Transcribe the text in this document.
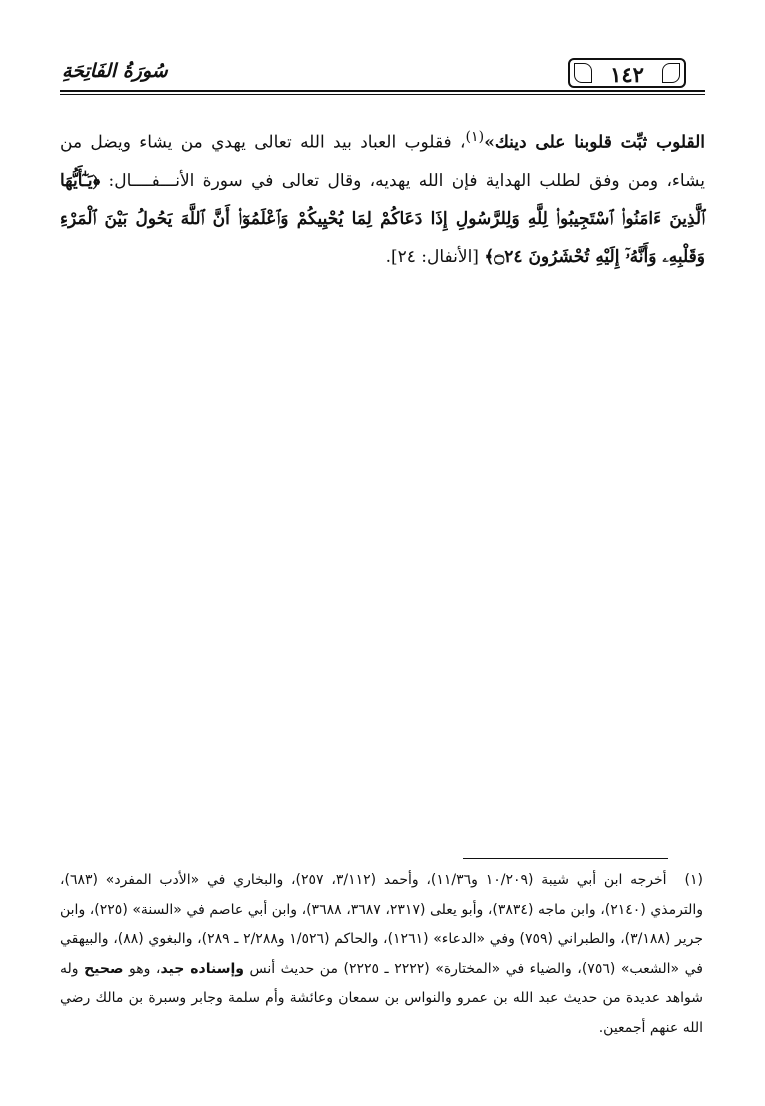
١٤٢
سُورَةُ الفَاتِحَةِ

القلوب ثبِّت قلوبنا على دينك»$^{(١)}$، فقلوب العباد بيد الله تعالى يهدي من يشاء ويضل من يشاء، ومن وفق لطلب الهداية فإن الله يهديه، وقال تعالى في سورة الأنـــفــــال: ﴿يَـٰٓأَيُّهَا ٱلَّذِينَ ءَامَنُوا۟ ٱسْتَجِيبُوا۟ لِلَّهِ وَلِلرَّسُولِ إِذَا دَعَاكُمْ لِمَا يُحْيِيكُمْ وَٱعْلَمُوٓا۟ أَنَّ ٱللَّهَ يَحُولُ بَيْنَ ٱلْمَرْءِ وَقَلْبِهِۦ وَأَنَّهُۥٓ إِلَيْهِ تُحْشَرُونَ ۝٢٤﴾ [الأنفال: ٢٤].

(١)أخرجه ابن أبي شيبة (١٠/٢٠٩ و١١/٣٦)، وأحمد (٣/١١٢، ٢٥٧)، والبخاري في «الأدب المفرد» (٦٨٣)، والترمذي (٢١٤٠)، وابن ماجه (٣٨٣٤)، وأبو يعلى (٢٣١٧، ٣٦٨٧، ٣٦٨٨)، وابن أبي عاصم في «السنة» (٢٢٥)، وابن جرير (٣/١٨٨)، والطبراني (٧٥٩) وفي «الدعاء» (١٢٦١)، والحاكم (١/٥٢٦ و٢/٢٨٨ ـ ٢٨٩)، والبغوي (٨٨)، والبيهقي في «الشعب» (٧٥٦)، والضياء في «المختارة» (٢٢٢٢ ـ ٢٢٢٥) من حديث أنس وإسناده جيد، وهو صحيح وله شواهد عديدة من حديث عبد الله بن عمرو والنواس بن سمعان وعائشة وأم سلمة وجابر وسبرة بن مالك رضي الله عنهم أجمعين.
